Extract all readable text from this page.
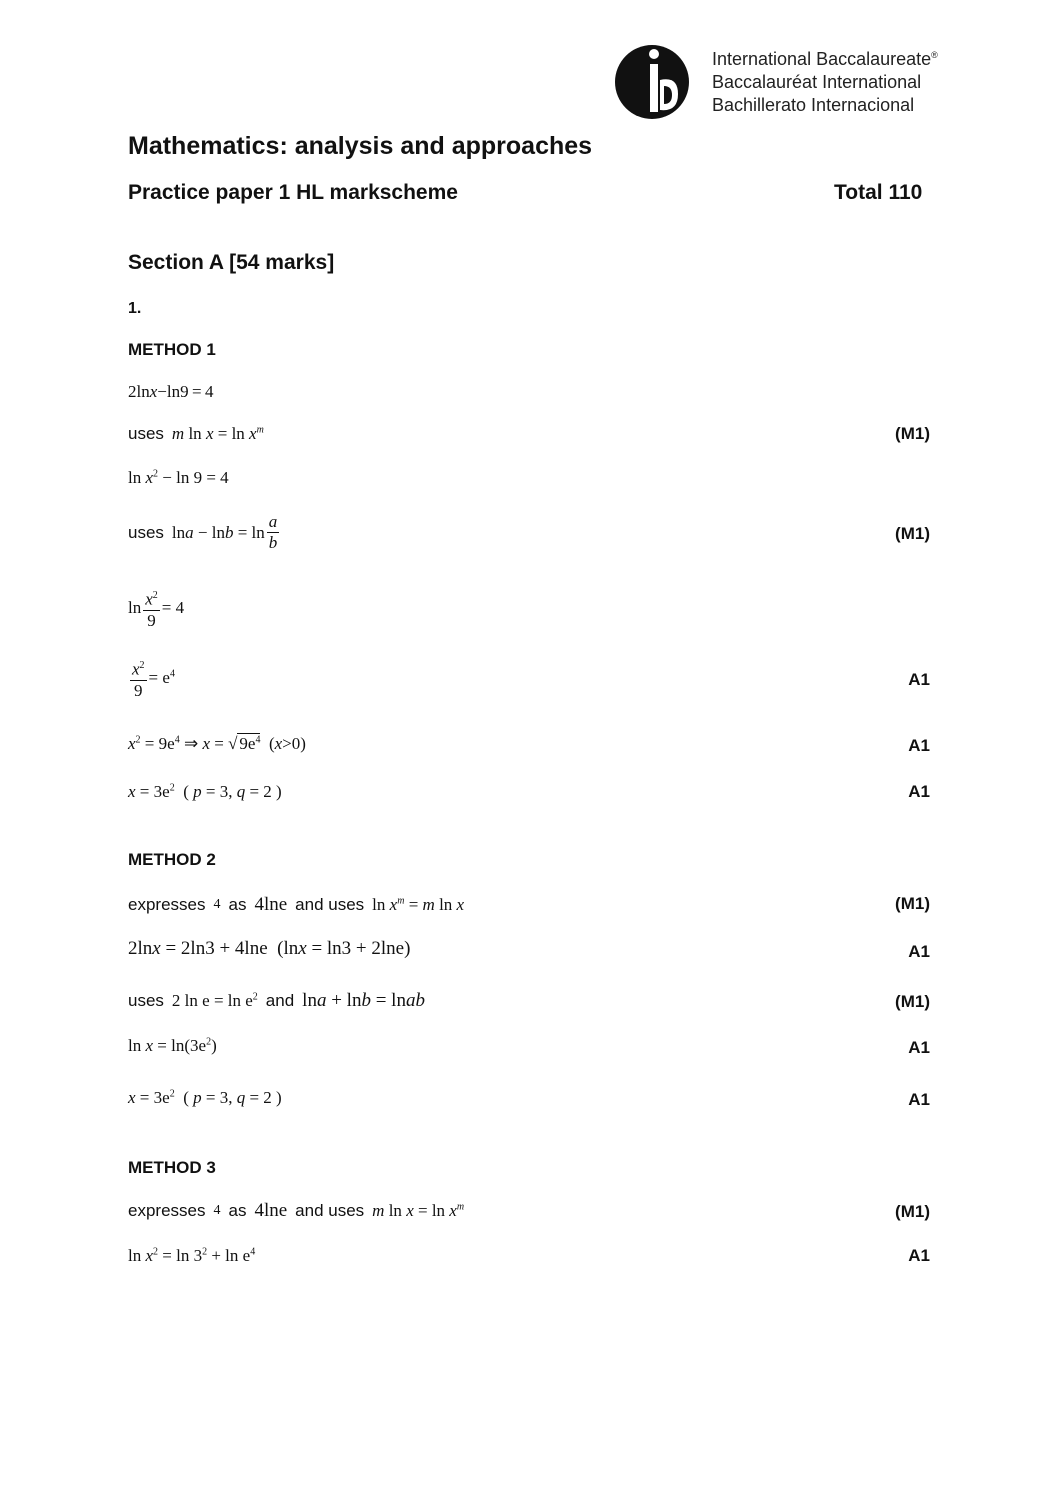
International Baccalaureate®
Baccalauréat International
Bachillerato Internacional
Mathematics: analysis and approaches
Practice paper 1 HL markscheme	Total 110
Section A [54 marks]
1.
METHOD 1
2lnx−ln9 = 4
uses m $\ln x = \ln x^m$	(M1)
$\ln x^2 - \ln 9 = 4$
uses $\ln a - \ln b = \ln \frac{a}{b}$	(M1)
$\ln \frac{x^2}{9} = 4$
$\frac{x^2}{9} = e^4$	A1
$x^2 = 9e^4$ ⇒ x = √ $9e^4$  (x>0)	A1
$x = 3e^2$  ( p = 3, q = 2 )	A1
METHOD 2
expresses 4 as 4lne and uses $\ln x^m = m$ ln x	(M1)
2lnx = 2ln3 + 4lne  (lnx = ln3 + 2lne)	A1
uses 2 $\ln e = \ln e^2$ and lna + lnb = lnab	(M1)
$\ln x = \ln(3e^2)$	A1
$x = 3e^2$  ( p = 3, q = 2 )	A1
METHOD 3
expresses 4 as 4lne and uses m $\ln x = \ln x^m$	(M1)
$\ln x^2 = \ln 3^2 + \ln e^4$	A1
